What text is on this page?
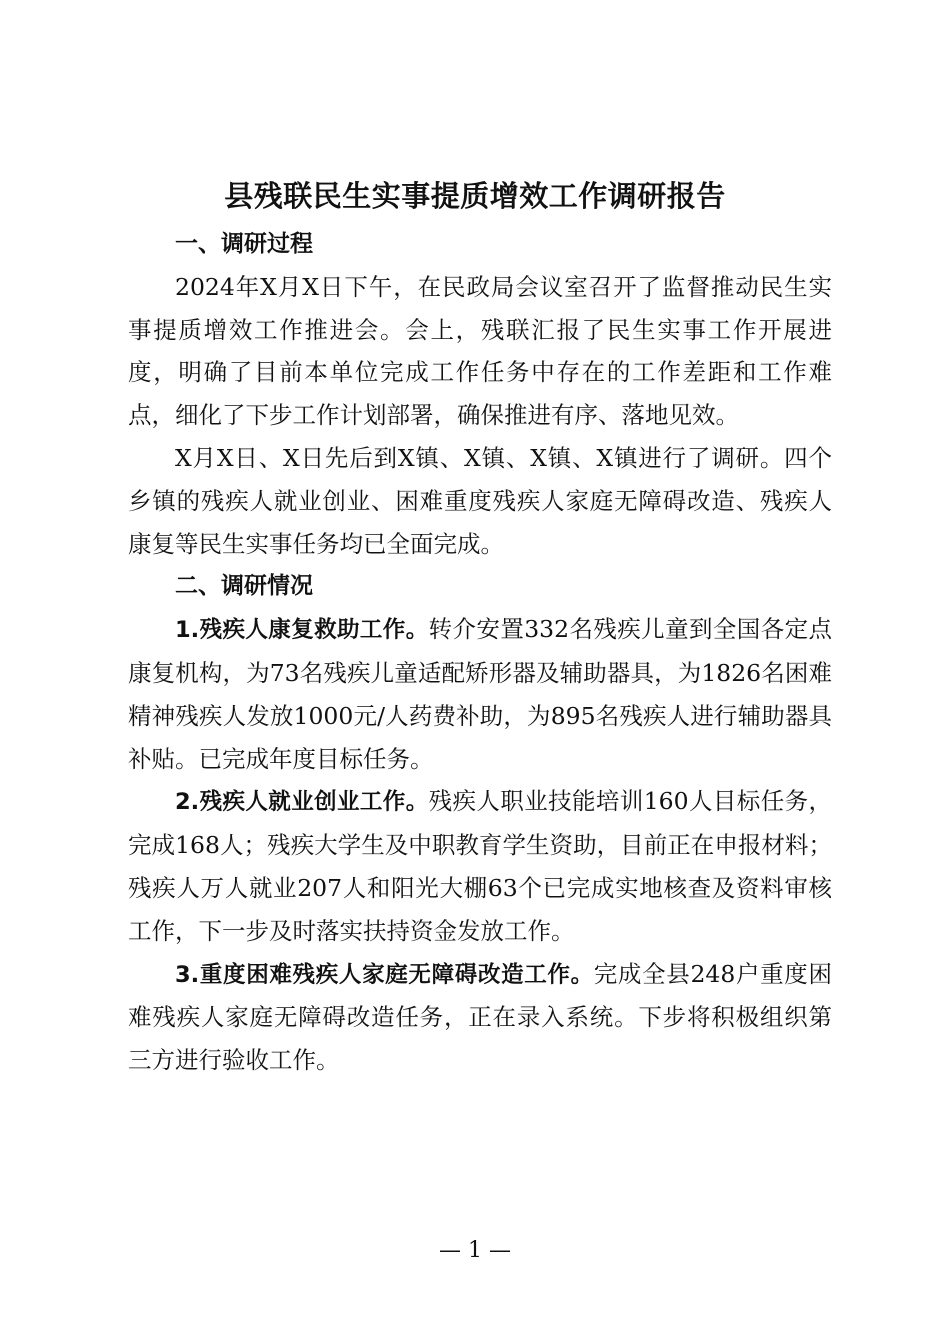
县残联民生实事提质增效工作调研报告

一、调研过程

2024年X月X日下午，在民政局会议室召开了监督推动民生实事提质增效工作推进会。会上，残联汇报了民生实事工作开展进度，明确了目前本单位完成工作任务中存在的工作差距和工作难点，细化了下步工作计划部署，确保推进有序、落地见效。

X月X日、X日先后到X镇、X镇、X镇、X镇进行了调研。四个乡镇的残疾人就业创业、困难重度残疾人家庭无障碍改造、残疾人康复等民生实事任务均已全面完成。

二、调研情况

1.残疾人康复救助工作。转介安置332名残疾儿童到全国各定点康复机构，为73名残疾儿童适配矫形器及辅助器具，为1826名困难精神残疾人发放1000元/人药费补助，为895名残疾人进行辅助器具补贴。已完成年度目标任务。

2.残疾人就业创业工作。残疾人职业技能培训160人目标任务，完成168人；残疾大学生及中职教育学生资助，目前正在申报材料；残疾人万人就业207人和阳光大棚63个已完成实地核查及资料审核工作，下一步及时落实扶持资金发放工作。

3.重度困难残疾人家庭无障碍改造工作。完成全县248户重度困难残疾人家庭无障碍改造任务，正在录入系统。下步将积极组织第三方进行验收工作。

— 1 —
